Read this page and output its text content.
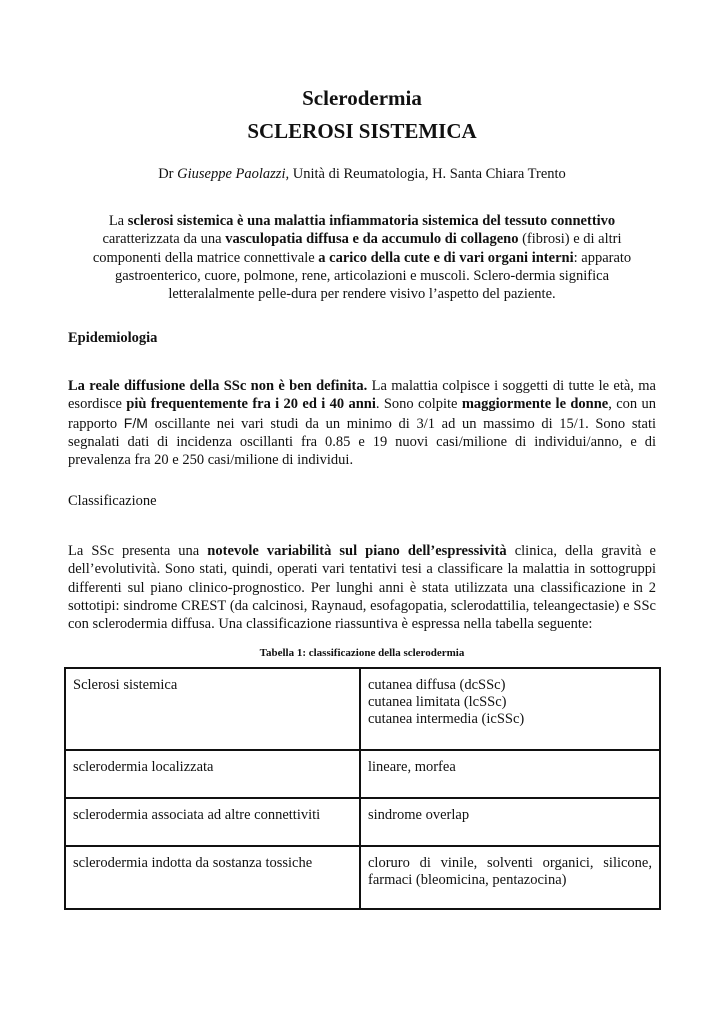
Sclerodermia
SCLEROSI SISTEMICA
Dr Giuseppe Paolazzi, Unità di Reumatologia, H. Santa Chiara Trento
La sclerosi sistemica è una malattia infiammatoria sistemica del tessuto connettivo caratterizzata da una vasculopatia diffusa e da accumulo di collageno (fibrosi) e di altri componenti della matrice connettivale a carico della cute e di vari organi interni: apparato gastroenterico, cuore, polmone, rene, articolazioni e muscoli. Sclero-dermia significa letteralalmente pelle-dura per rendere visivo l’aspetto del paziente.
Epidemiologia
La reale diffusione della SSc non è ben definita. La malattia colpisce i soggetti di tutte le età, ma esordisce più frequentemente fra i 20 ed i 40 anni. Sono colpite maggiormente le donne, con un rapporto F/M oscillante nei vari studi da un minimo di 3/1 ad un massimo di 15/1. Sono stati segnalati dati di incidenza oscillanti fra 0.85 e 19 nuovi casi/milione di individui/anno, e di prevalenza fra 20 e 250 casi/milione di individui.
Classificazione
La SSc presenta una notevole variabilità sul piano dell’espressività clinica, della gravità e dell’evolutività. Sono stati, quindi, operati vari tentativi tesi a classificare la malattia in sottogruppi differenti sul piano clinico-prognostico. Per lunghi anni è stata utilizzata una classificazione in 2 sottotipi: sindrome CREST (da calcinosi, Raynaud, esofagopatia, sclerodattilia, teleangectasie) e SSc con sclerodermia diffusa. Una classificazione riassuntiva è espressa nella tabella seguente:
Tabella 1: classificazione della sclerodermia
Sclerosi sistemica	cutanea diffusa (dcSSc)
cutanea limitata (lcSSc)
cutanea intermedia (icSSc)

sclerodermia localizzata	lineare, morfea
sclerodermia associata ad altre connettiviti	sindrome overlap
sclerodermia indotta da sostanza tossiche	cloruro di vinile, solventi organici, silicone, farmaci (bleomicina, pentazocina)
